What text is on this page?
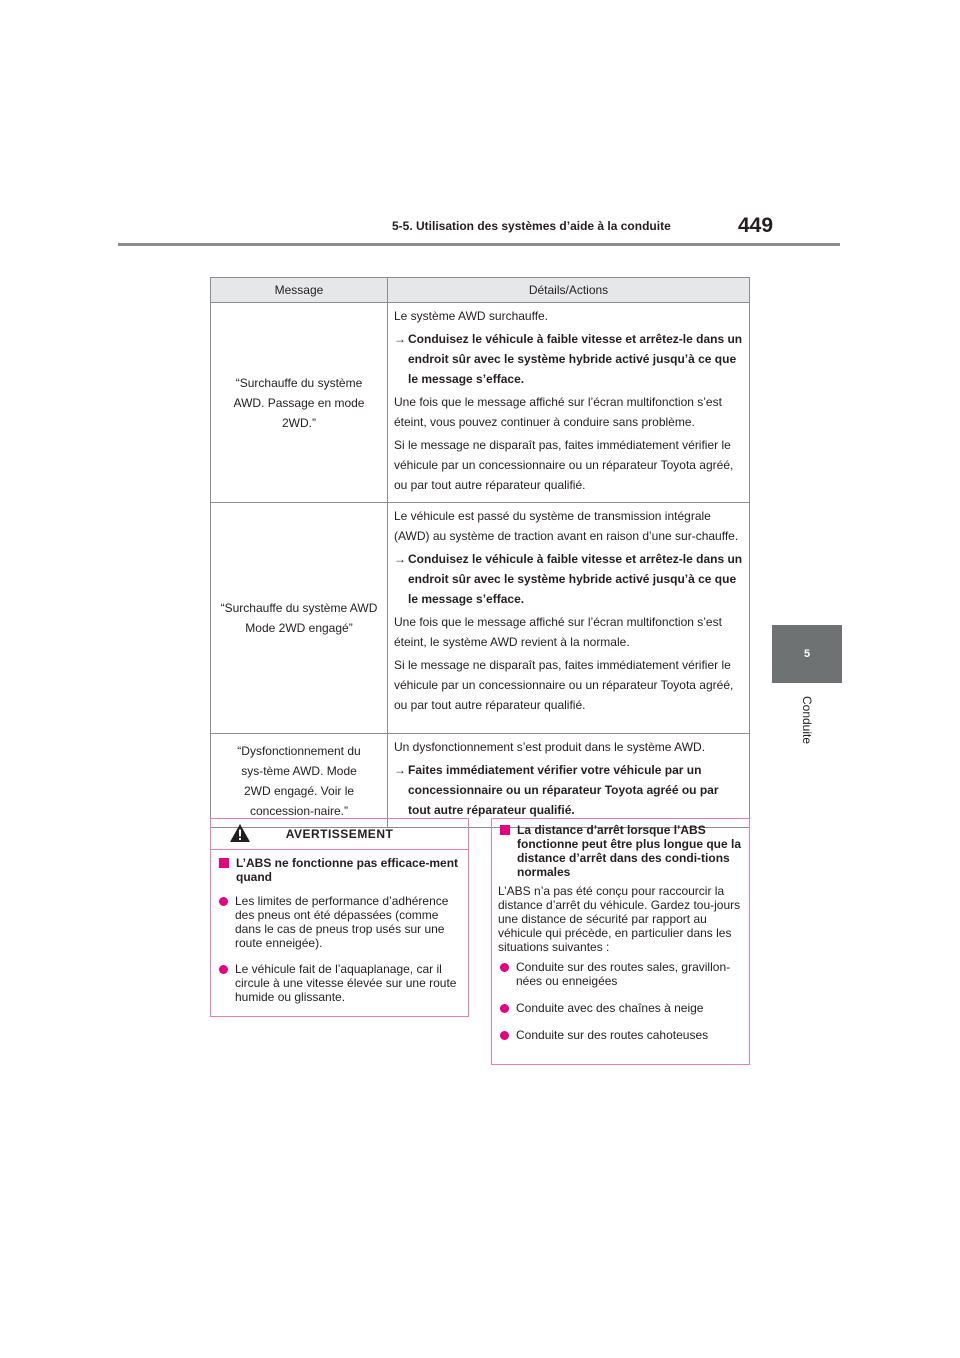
5-5. Utilisation des systèmes d’aide à la conduite	449
5
Conduite
Message	Détails/Actions
“Surchauffe du système AWD. Passage en mode 2WD.”	Le système AWD surchauffe.

→ Conduisez le véhicule à faible vitesse et arrêtez-le dans un endroit sûr avec le système hybride activé jusqu’à ce que le message s’efface.

Une fois que le message affiché sur l’écran multifonction s’est éteint, vous pouvez continuer à conduire sans problème.

Si le message ne disparaît pas, faites immédiatement vérifier le véhicule par un concessionnaire ou un réparateur Toyota agréé, ou par tout autre réparateur qualifié.

“Surchauffe du système AWD Mode 2WD engagé”	Le véhicule est passé du système de transmission intégrale (AWD) au système de traction avant en raison d’une sur-chauffe.

→ Conduisez le véhicule à faible vitesse et arrêtez-le dans un endroit sûr avec le système hybride activé jusqu’à ce que le message s’efface.

Une fois que le message affiché sur l’écran multifonction s’est éteint, le système AWD revient à la normale.

Si le message ne disparaît pas, faites immédiatement vérifier le véhicule par un concessionnaire ou un réparateur Toyota agréé, ou par tout autre réparateur qualifié.

“Dysfonctionnement du sys-tème AWD. Mode 2WD engagé. Voir le concession-naire.”	Un dysfonctionnement s’est produit dans le système AWD.

→ Faites immédiatement vérifier votre véhicule par un concessionnaire ou un réparateur Toyota agréé ou par tout autre réparateur qualifié.
AVERTISSEMENT
L’ABS ne fonctionne pas efficace-ment quand
Les limites de performance d’adhérence des pneus ont été dépassées (comme dans le cas de pneus trop usés sur une route enneigée).
Le véhicule fait de l’aquaplanage, car il circule à une vitesse élevée sur une route humide ou glissante.
La distance d’arrêt lorsque l’ABS fonctionne peut être plus longue que la distance d’arrêt dans des condi-tions normales

L’ABS n’a pas été conçu pour raccourcir la distance d’arrêt du véhicule. Gardez tou-jours une distance de sécurité par rapport au véhicule qui précède, en particulier dans les situations suivantes :

Conduite sur des routes sales, gravillon-nées ou enneigées
Conduite avec des chaînes à neige
Conduite sur des routes cahoteuses
